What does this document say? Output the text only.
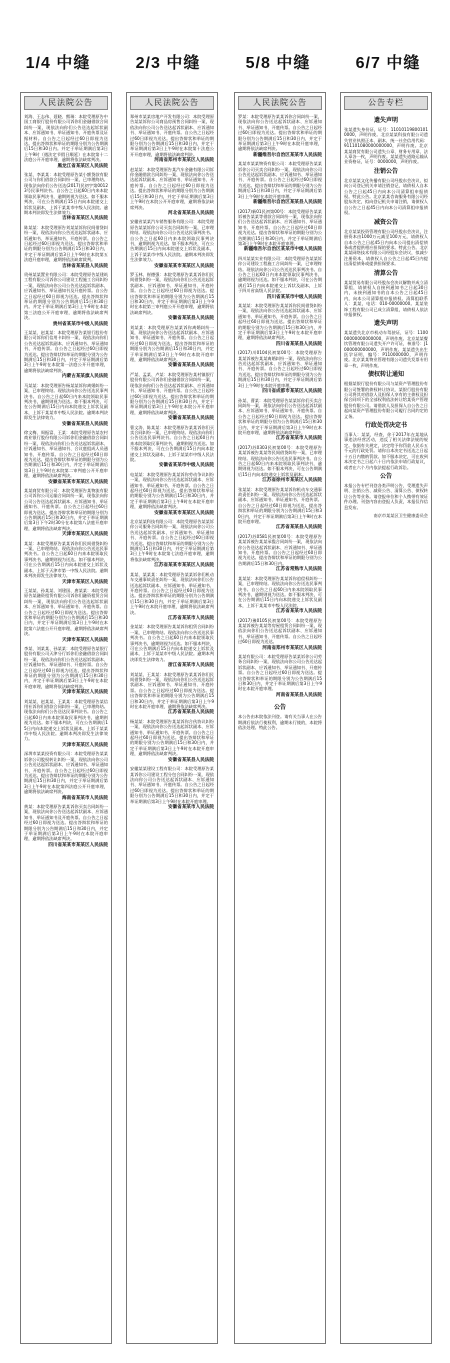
1/4 中缝	2/3 中缝	5/8 中缝	6/7 中缝
人民法院公告
刘海、王志伟、聂晓、熊瑞：本院受理原告中国工商银行股份有限公司诉你们金融借款合同纠纷一案，现依法向你们公告送达起诉状副本、应诉通知书、举证通知书、开庭传票及证据材料。自公告之日起经过60日即视为送达。提出答辩状和举证的期限分别为公告期满后15日和30日内。并定于举证期满后第3日上午9时（遇法定节假日顺延）在本院第十二法庭公开开庭审理，逾期将依法缺席判决。
黑龙江省某某区人民法院
张某、李某某：本院受理原告某小额贷款有限公司与你们借款合同纠纷一案，已审理终结。现依法向你们公告送达(2017)民初字第00123号民事判决书。自公告之日起60日内来本院领取民事判决书，逾期则视为送达。如不服本判决，可在公告期满后15日内向本院递交上诉状及副本，上诉于某某市中级人民法院。逾期本判决即发生法律效力。
吉林省某某区人民法院
陈某某：本院受理原告刘某某诉你民间借贷纠纷一案，现依法向你公告送达起诉状副本、应诉通知书、举证通知书、开庭传票。自公告之日起经过60日即视为送达。提出答辩状和举证的期限分别为公告期满后15日和30日内，并定于举证期满后第3日上午9时在本院第五法庭开庭审理，逾期将依法缺席裁判。
吉林省某某县人民法院
贵州某某置业有限公司：本院受理原告某建筑工程有限公司诉你公司建设工程施工合同纠纷一案，现依法向你公司公告送达起诉状副本、应诉通知书、举证通知书及开庭传票。自公告之日起经过60日即视为送达。提出答辩状和举证的期限分别为公告期满后15日和30日内。并定于举证期满后第3日上午9时在本院第三法庭公开开庭审理，逾期将依法缺席判决。
贵州省某某市中级人民法院
王某某、赵某某：本院受理原告某银行股份有限公司诉你们信用卡纠纷一案，现依法向你们公告送达起诉状副本、应诉通知书、举证通知书、开庭传票。自公告之日起经过60日即视为送达。提出答辩状和举证的期限分别为公告期满后15日和30日内，并定于举证期满后第3日上午9时在本院第一法庭公开开庭审理，逾期将依法缺席判决。
内蒙古某某旗人民法院
马某某：本院受理原告杨某某诉你离婚纠纷一案，已审理终结。现依法向你公告送达民事判决书。自公告之日起60日内来本院领取民事判决书，逾期则视为送达。如不服本判决，可在公告期满后15日内向本院递交上诉状及副本，上诉于某某市中级人民法院。逾期本判决即发生法律效力。
安徽省某某县人民法院
徐文梅、周振富、王某：本院受理原告某农村商业银行股份有限公司诉你们金融借款合同纠纷一案，现依法向你们公告送达起诉状副本、应诉通知书、举证通知书、合议庭组成人员通知书、开庭传票。自公告之日起经过60日即视为送达。提出答辩状和举证的期限分别为公告期满后15日和30日内，并定于举证期满后第3日上午9时在本院第二审判庭公开开庭审理，逾期将依法缺席判决。
安徽省某某市某某区人民法院
某某商贸有限公司：本院受理原告某物流有限公司诉你公司运输合同纠纷一案，现依法向你公司公告送达起诉状副本、应诉通知书、举证通知书、开庭传票。自公告之日起经过60日即视为送达。提出答辩状和举证的期限分别为公告期满后15日和30日内，并定于举证期满后第3日下午2时30分在本院第八法庭开庭审理，逾期将依法缺席判决。
天津市某某区人民法院
某某：本院受理原告某某诉你们民间借贷纠纷一案，已审理终结。现依法向你公告送达民事判决书。自公告之日起60日内来本院领取民事判决书，逾期则视为送达。如不服本判决，可在公告期满后15日内向本院递交上诉状及副本，上诉于天津市第一中级人民法院。逾期本判决即发生法律效力。
天津市某某区人民法院
王某某、孙某某、刘建国、唐某某：本院受理原告某融资租赁有限公司诉你们融资租赁合同纠纷一案，现依法向你们公告送达起诉状副本、应诉通知书、举证通知书、开庭传票。自公告之日起经过60日即视为送达。提出答辩状和举证的期限分别为公告期满后15日和30日内，并定于举证期满后第3日上午9时在本院第六法庭公开开庭审理，逾期将依法缺席判决。
天津市某某区人民法院
李某、刘某某、孙某某：本院受理原告某银行股份有限公司天津分行诉你们金融借款合同纠纷一案，现依法向你们公告送达起诉状副本、应诉通知书、举证通知书、开庭传票。自公告之日起经过60日即视为送达，提出答辩状和举证的期限分别为公告期满后15日和30日内，并定于举证期满后第3日上午9时在本院开庭审理，逾期将依法缺席判决。
天津市某某区人民法院
刘某某、赵某某、王某某：本院受理原告某信用社诉你们借款合同纠纷一案，已审理终结。现依法向你们公告送达民事判决书。自公告之日起60日内来本院领取民事判决书，逾期则视为送达。如不服本判决，可在公告期满后15日内向本院递交上诉状及副本，上诉于某某市中级人民法院。逾期本判决即发生法律效力。
天津市某某区人民法院
深圳市某某投资有限公司：本院受理原告某某诉你公司股权转让纠纷一案，现依法向你公司公告送达起诉状副本、应诉通知书、举证通知书、开庭传票。自公告之日起经过60日即视为送达。提出答辩状和举证的期限分别为公告期满后15日和30日内，并定于举证期满后第3日上午9时在本院第四法庭公开开庭审理，逾期将依法缺席判决。
海南省某某市人民法院
黄某：本院受理原告某某诉你买卖合同纠纷一案，现依法向你公告送达起诉状副本、应诉通知书、举证通知书及开庭传票。自公告之日起经过60日即视为送达。提出答辩状和举证的期限分别为公告期满后15日和30日内，并定于举证期满后第3日上午9时在本院开庭审理，逾期将依法缺席判决。
四川省某某市某某区人民法院
人民法院公告
郑州市某某房地产开发有限公司：本院受理原告某某诉你公司商品房预售合同纠纷一案，现依法向你公司公告送达起诉状副本、应诉通知书、举证通知书、开庭传票。自公告之日起经过60日即视为送达。提出答辩状和举证的期限分别为公告期满后15日和30日内，并定于举证期满后第3日上午9时在本院第十法庭公开开庭审理，逾期将依法缺席判决。
河南省郑州市某某区人民法院
赵某某：本院受理原告某汽车金融有限公司诉你金融借款合同纠纷一案，现依法向你公告送达起诉状副本、应诉通知书、举证通知书、开庭传票。自公告之日起经过60日即视为送达。提出答辩状和举证的期限分别为公告期满后15日和30日内，并定于举证期满后第3日上午9时在本院公开开庭审理，逾期将依法缺席判决。
河北省某某县人民法院
安徽省某某汽车销售服务有限公司：本院受理原告某某诉你公司买卖合同纠纷一案，已审理终结。现依法向你公司公告送达民事判决书。自公告之日起60日内来本院领取民事判决书，逾期则视为送达。如不服本判决，可在公告期满后15日内向本院递交上诉状及副本，上诉于某某市中级人民法院。逾期本判决即发生法律效力。
安徽省某某市某某区人民法院
罗玉林、崔德强：本院受理原告某某诉你们民间借贷纠纷一案，现依法向你们公告送达起诉状副本、应诉通知书、举证通知书、开庭传票。自公告之日起经过60日即视为送达。提出答辩状和举证的期限分别为公告期满后15日和30日内，并定于举证期满后第3日上午9时在本院第三审判庭公开开庭审理，逾期将依法缺席判决。
安徽省某某县人民法院
刘某某：本院受理原告某某诉你离婚纠纷一案，现依法向你公告送达起诉状副本、应诉通知书、举证通知书、开庭传票。自公告之日起经过60日即视为送达。提出答辩状和举证的期限分别为公告期满后15日和30日内，并定于举证期满后第3日上午9时在本院开庭审理，逾期将依法缺席判决。
安徽省某某县人民法院
严某、孟某、卢某：本院受理原告某村镇银行股份有限公司诉你们金融借款合同纠纷一案，现依法向你们公告送达起诉状副本、应诉通知书、举证通知书、开庭传票。自公告之日起经过60日即视为送达。提出答辩状和举证的期限分别为公告期满后15日和30日内，并定于举证期满后第3日上午9时在本院公开开庭审理，逾期将依法缺席判决。
安徽省某某县人民法院
曹文涛、陈某某：本院受理原告某某诉你们买卖合同纠纷一案，已审理终结。现依法向你们公告送达民事判决书。自公告之日起60日内来本院领取民事判决书，逾期则视为送达。如不服本判决，可在公告期满后15日内向本院递交上诉状及副本，上诉于某某市中级人民法院。
安徽省某某市中级人民法院
电某某：本院受理原告某某诉你劳动争议纠纷一案，现依法向你公告送达起诉状副本、应诉通知书、举证通知书、开庭传票。自公告之日起经过60日即视为送达。提出答辩状和举证的期限分别为公告期满后15日和30日内，并定于举证期满后第3日上午9时在本院开庭审理，逾期将依法缺席判决。
安徽省某某市某某区人民法院
北京某某科技有限公司：本院受理原告某某诉你公司服务合同纠纷一案，现依法向你公司公告送达起诉状副本、应诉通知书、举证通知书、开庭传票。自公告之日起经过60日即视为送达。提出答辩状和举证的期限分别为公告期满后15日和30日内，并定于举证期满后第3日上午9时在本院第七法庭开庭审理，逾期将依法缺席判决。
江苏省某某市某某区人民法院
某某、某某某：本院受理原告某某诉你们机动车交通事故责任纠纷一案，现依法向你们公告送达起诉状副本、应诉通知书、举证通知书、开庭传票。自公告之日起经过60日即视为送达。提出答辩状和举证的期限分别为公告期满后15日和30日内，并定于举证期满后第3日上午9时在本院开庭审理，逾期将依法缺席判决。
江苏省某某市人民法院
金某某：本院受理原告某某诉你租赁合同纠纷一案，已审理终结。现依法向你公告送达民事判决书。自公告之日起60日内来本院领取民事判决书，逾期则视为送达。如不服本判决，可在公告期满后15日内向本院递交上诉状及副本，上诉于某某市中级人民法院。逾期本判决即发生法律效力。
浙江省某某市人民法院
刘某某、王某某：本院受理原告某某诉你们民间借贷纠纷一案，现依法向你们公告送达起诉状副本、应诉通知书、举证通知书、开庭传票。自公告之日起经过60日即视为送达。提出答辩状和举证的期限分别为公告期满后15日和30日内，并定于举证期满后第3日上午9时在本院开庭审理，逾期将依法缺席判决。
江苏省某某县人民法院
杨某某：本院受理原告某某诉你合伙协议纠纷一案，现依法向你公告送达起诉状副本、应诉通知书、举证通知书、开庭传票。自公告之日起经过60日即视为送达。提出答辩状和举证的期限分别为公告期满后15日和30日内，并定于举证期满后第3日上午9时在本院开庭审理，逾期将依法缺席判决。
安徽省某某县人民法院
安徽某某建设工程有限公司：本院受理原告某某诉你公司建设工程分包合同纠纷一案，现依法向你公司公告送达起诉状副本、应诉通知书、举证通知书、开庭传票。自公告之日起经过60日即视为送达。提出答辩状和举证的期限分别为公告期满后15日和30日内，并定于举证期满后第3日上午9时在本院开庭审理。
安徽省某某市人民法院
人民法院公告
罗某：本院受理原告某某诉你合同纠纷一案，现依法向你公告送达起诉状副本、应诉通知书、举证通知书、开庭传票。自公告之日起经过60日即视为送达。提出答辩状和举证的期限分别为公告期满后15日和30日内，并定于举证期满后第3日上午9时在本院开庭审理，逾期将依法缺席判决。
新疆维吾尔自治区某某市人民法院
某某市某某物资有限公司：本院受理原告某某诉你公司买卖合同纠纷一案，现依法向你公司公告送达起诉状副本、应诉通知书、举证通知书、开庭传票。自公告之日起经过60日即视为送达。提出答辩状和举证的期限分别为公告期满后15日和30日内，并定于举证期满后第3日上午9时在本院开庭审理。
新疆维吾尔自治区某某县人民法院
(2017)新01民初第00号：本院受理原告某某诉被告某某等借款合同纠纷一案，现依法向你们公告送达起诉状副本、应诉通知书、举证通知书、开庭传票。自公告之日起经过60日即视为送达。提出答辩状和举证的期限分别为公告期满后15日和30日内，并定于举证期满后第3日上午9时在本院开庭审理。
新疆维吾尔自治区某某市中级人民法院
四川某某实业有限公司：本院受理原告某某诉你公司建设工程施工合同纠纷一案，已审理终结。现依法向你公司公告送达民事判决书。自公告之日起60日内来本院领取民事判决书，逾期则视为送达。如不服本判决，可在公告期满后15日内向本院递交上诉状及副本，上诉于四川省高级人民法院。
四川省某某市中级人民法院
某某某：本院受理原告某某诉你民间借贷纠纷一案，现依法向你公告送达起诉状副本、应诉通知书、举证通知书、开庭传票。自公告之日起经过60日即视为送达。提出答辩状和举证的期限分别为公告期满后15日和30日内，并定于举证期满后第3日上午9时在本院开庭审理，逾期将依法缺席判决。
四川省某某县人民法院
(2017)川0104民初第00号：本院受理原告某某诉被告某某离婚纠纷一案，现依法向你公告送达起诉状副本、应诉通知书、举证通知书、开庭传票。自公告之日起经过60日即视为送达。提出答辩状和举证的期限分别为公告期满后15日和30日内，并定于举证期满后第3日上午9时在本院开庭审理。
四川省成都市某某区人民法院
孙某、曹某：本院受理原告某某诉你们买卖合同纠纷一案，现依法向你们公告送达起诉状副本、应诉通知书、举证通知书、开庭传票。自公告之日起经过60日即视为送达。提出答辩状和举证的期限分别为公告期满后15日和30日内，并定于举证期满后第3日上午9时在本院开庭审理，逾期将依法缺席判决。
江苏省某某市人民法院
(2017)苏0303民初第00号：本院受理原告某某诉被告某某等民间借贷纠纷一案，已审理终结。现依法向你公告送达民事判决书。自公告之日起60日内来本院领取民事判决书，逾期则视为送达。如不服本判决，可在公告期满后15日内向本院递交上诉状及副本。
江苏省徐州市某某区人民法院
张某某：本院受理原告某某诉你机动车交通事故责任纠纷一案，现依法向你公告送达起诉状副本、应诉通知书、举证通知书、开庭传票。自公告之日起经过60日即视为送达。提出答辩状和举证的期限分别为公告期满后15日和30日内，并定于举证期满后第3日上午9时在本院开庭审理。
江苏省某某县人民法院
(2017)苏0581民初第00号：本院受理原告某某诉被告某某承揽合同纠纷一案，现依法向你公告送达起诉状副本、应诉通知书、举证通知书、开庭传票。自公告之日起经过60日即视为送达。提出答辩状和举证的期限分别为公告期满后15日和30日内。
江苏省常熟市人民法院
某某某：本院受理原告某某诉你追偿权纠纷一案，已审理终结。现依法向你公告送达民事判决书。自公告之日起60日内来本院领取民事判决书，逾期则视为送达。如不服本判决，可在公告期满后15日内向本院递交上诉状及副本，上诉于某某市中级人民法院。
江苏省某某市人民法院
(2017)豫0105民初第00号：本院受理原告某某诉被告某某等房屋租赁合同纠纷一案，现依法向你们公告送达起诉状副本、应诉通知书、举证通知书、开庭传票。自公告之日起经过60日即视为送达。
河南省郑州市某某区人民法院
某某有限公司：本院受理原告某某诉你公司劳务合同纠纷一案，现依法向你公司公告送达起诉状副本、应诉通知书、举证通知书、开庭传票。自公告之日起经过60日即视为送达。提出答辩状和举证的期限分别为公告期满后15日和30日内，并定于举证期满后第3日上午9时在本院开庭审理。
河南省某某县人民法院
公告
本公告由本院依法刊登。请有关当事人在公告期满后依法行使权利，逾期未行使的，本院将依法处理。特此公告。
公告专栏
遗失声明
张某遗失身份证，证号：110101198001010000，声明作废。北京某某科技有限公司遗失营业执照正本、副本，统一社会信用代码：911101080000000000，声明作废。北京某某商贸有限公司遗失公章、财务专用章、法人章各一枚，声明作废。某某遗失道路运输从业资格证，证号：0000000，声明作废。
注销公告
北京某某文化传播有限公司经股东会决议，拟向公司登记机关申请注销登记，请债权人自本公告之日起45日内向本公司清算组申报债权。特此公告。北京某某咨询服务有限公司经股东决定，拟向登记机关申请注销，请债权人自公告之日起45日内向本公司清算组申报债权。
减资公告
北京某某投资管理有限公司经股东会决议，注册资本由1000万元减至100万元，请债权人自本公告之日起45日内向本公司提出清偿债务或者提供相应担保的要求。特此公告。北京某某网络技术有限公司经股东会决议，拟减少注册资本，请债权人自公告之日起45日内提出清偿债务或提供担保要求。
清算公告
某某贸易有限公司经股东会决议解散并成立清算组，请债权人自接到通知书之日起30日内，未接到通知书的自本公告之日起45日内，向本公司清算组申报债权。清算组联系人：某某，电话：010-00000000。某某装饰工程有限公司已成立清算组，请债权人依法申报债权。
遗失声明
某某遗失北京市机动车驾驶证，证号：110000000000000000，声明作废。北京某某餐饮管理有限公司遗失开户许可证，核准号：J1000000000000，声明作废。某某遗失出生医学证明，编号：P110000000，声明作废。北京某某物业管理有限公司遗失发票专用章一枚，声明作废。
债权转让通知
根据某银行股份有限公司与某资产管理股份有限公司签署的债权转让协议，某银行股份有限公司将其对借款人及担保人享有的主债权及担保合同项下的全部权利依法转让给某资产管理股份有限公司。请借款人及担保人自公告之日起向某资产管理股份有限公司履行合同约定的义务。
行政处罚决定书
当事人：某某，经查，你于2017年在某地从事违法经营活动，违反了相关法律法规的规定。依据有关规定，决定给予你罚款人民币五千元的行政处罚。请你自本决定书送达之日起十五日内缴纳罚款。如不服本决定，可在收到本决定书之日起六十日内依法申请行政复议，或者在六个月内依法提起行政诉讼。
公告
本报公告专栏刊登各类声明公告，受理遗失声明、注销公告、减资公告、清算公告、债权转让公告等业务。请登报单位和个人携带有效证件办理。刊登内容由登报人负责，本报仅作信息发布。
南京市某某区卫生健康委员会
